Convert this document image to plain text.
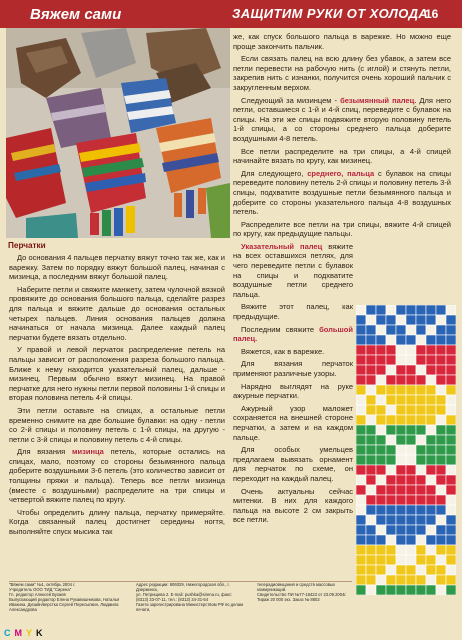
Вяжем сами	ЗАЩИТИМ РУКИ ОТ ХОЛОДА
16
Перчатки

До основания 4 пальцев перчатку вяжут точно так же, как и варежку. Затем по порядку вяжут большой палец, начиная с мизинца, а последним вяжут большой палец.

Наберите петли и свяжите манжету, затем чулочной вязкой провяжите до основания большого пальца, сделайте разрез для пальца и вяжите дальше до основания остальных четырех пальцев. Линия основания пальцев должна начинаться от начала мизинца. Далее каждый палец перчатки будете вязать отдельно.

У правой и левой перчаток распределение петель на пальцы зависит от расположения разреза большого пальца. Ближе к нему находится указательный палец, дальше - мизинец. Первым обычно вяжут мизинец. На правой перчатке для него нужны петли первой половины 1-й спицы и вторая половина петель 4-й спицы.

Эти петли оставьте на спицах, а остальные петли временно снимите на две большие булавки: на одну - петли со 2-й спицы и половину петель с 1-й спицы, на другую - петли с 3-й спицы и половину петель с 4-й спицы.

Для вязания мизинца петель, которые остались на спицах, мало, поэтому со стороны безымянного пальца доберите воздушными 3-6 петель (это количество зависит от толщины пряжи и пальца). Теперь все петли мизинца (вместе с воздушными) распределите на три спицы и четвертой вяжите палец по кругу.

Чтобы определить длину пальца, перчатку примеряйте. Когда связанный палец достигнет середины ногтя, выполняйте спуск мысика так

же, как спуск большого пальца в варежке. Но можно еще проще закончить пальчик.

Если связать палец на всю длину без убавок, а затем все петли перевести на рабочую нить (с иглой) и стянуть петли, закрепив нить с изнанки, получится очень хороший пальчик с закругленным верхом.

Следующий за мизинцем - безымянный палец. Для него петли, оставшиеся с 1-й и 4-й спиц, переведите с булавок на спицы. На эти же спицы подвяжите вторую половину петель 1-й спицы, а со стороны среднего пальца доберите воздушными 4-8 петель.

Все петли распределите на три спицы, а 4-й спицей начинайте вязать по кругу, как мизинец.

Для следующего, среднего, пальца с булавок на спицы переведите половину петель 2-й спицы и половину петель 3-й спицы, подхватите воздушные петли безымянного пальца и доберите со стороны указательного пальца 4-8 воздушных петель.

Распределите все петли на три спицы, вяжите 4-й спицей по кругу, как предыдущие пальцы.

Указательный палец вяжите на всех оставшихся петлях, для чего переведите петли с булавок на спицы и подхватите воздушные петли среднего пальца.

Вяжите этот палец, как предыдущие.

Последним свяжите большой палец.

Вяжется, как в варежке.

Для вязания перчаток применяют различные узоры.

Нарядно выглядят на руке ажурные перчатки.

Ажурный узор маложет сохраняется на внешней стороне перчатки, а затем и на каждом пальце.

Для особых умельцев предлагаем вывязать орнамент для перчаток по схеме, он переходит на каждый палец.

Очень актуальны сейчас митенки. В них для каждого пальца на высоте 2 см закрыть все петли.

"Вяжем сами" №1, октябрь 2004 г.
Учредитель ООО ТИД "Сирена"
Гл. редактор Алексей Бухаев
Выпускающий редактор Елена Рукавишникова, Наталья
Ивакина. Дизайн/верстка Сергей Пересыпкин, Людмила
Александрова
Адрес редакции: 606029, Нижегородская обл., г. Дзержинск,
ул. Петрищева 2. E-mail: pushka@sirena.ru, факс:
(8313) 33-07-11, тел.: (8313) 34-31-54
Газета зарегистрирована Министерством РФ по делам печати,
телерадиовещания и средств массовых коммуникаций.
Свидетельство ПИ №77-18423 от 23.09.2004г.
Тираж 20 000 экз. Заказ № 8602
C M Y K
